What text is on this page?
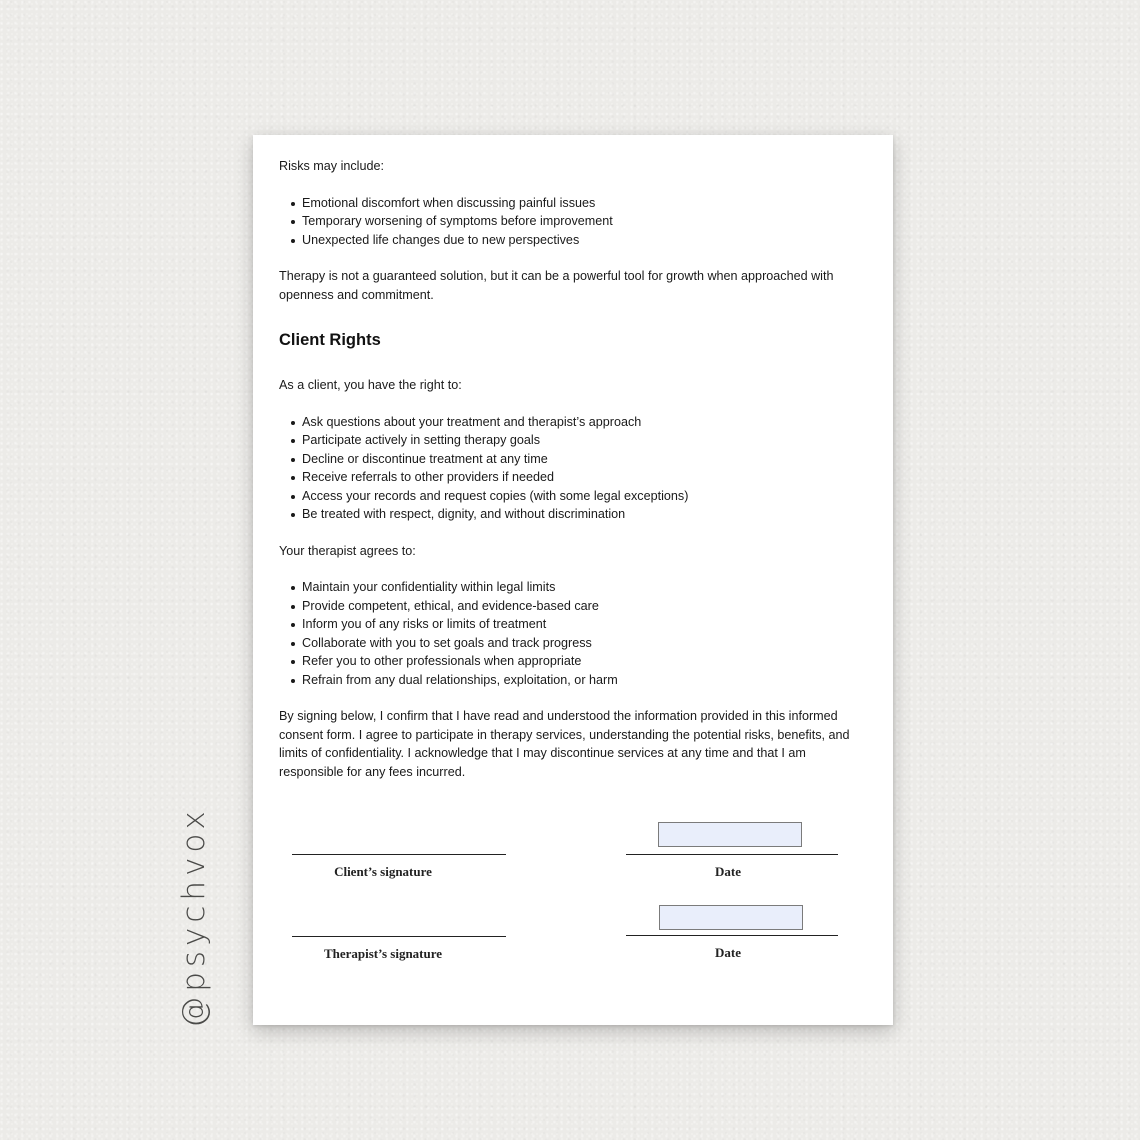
@psychvox

Risks may include:

Emotional discomfort when discussing painful issues
Temporary worsening of symptoms before improvement
Unexpected life changes due to new perspectives

Therapy is not a guaranteed solution, but it can be a powerful tool for growth when approached with openness and commitment.

Client Rights

As a client, you have the right to:

Ask questions about your treatment and therapist’s approach
Participate actively in setting therapy goals
Decline or discontinue treatment at any time
Receive referrals to other providers if needed
Access your records and request copies (with some legal exceptions)
Be treated with respect, dignity, and without discrimination

Your therapist agrees to:

Maintain your confidentiality within legal limits
Provide competent, ethical, and evidence-based care
Inform you of any risks or limits of treatment
Collaborate with you to set goals and track progress
Refer you to other professionals when appropriate
Refrain from any dual relationships, exploitation, or harm

By signing below, I confirm that I have read and understood the information provided in this informed consent form. I agree to participate in therapy services, understanding the potential risks, benefits, and limits of confidentiality. I acknowledge that I may discontinue services at any time and that I am responsible for any fees incurred.

Client’s signature	Date
Therapist’s signature	Date
